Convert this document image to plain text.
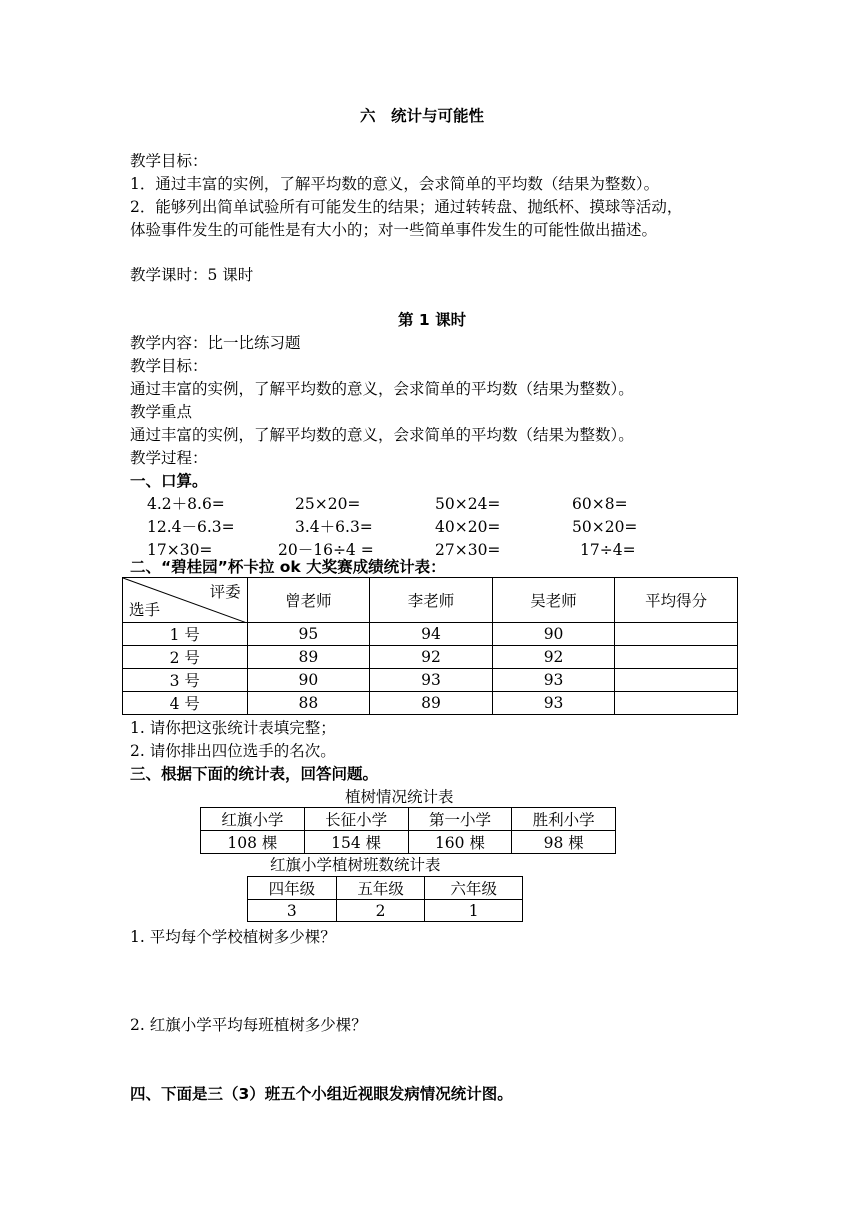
六　统计与可能性
教学目标：
1．通过丰富的实例，了解平均数的意义，会求简单的平均数（结果为整数）。
2．能够列出简单试验所有可能发生的结果；通过转转盘、抛纸杯、摸球等活动，
体验事件发生的可能性是有大小的；对一些简单事件发生的可能性做出描述。
教学课时：5 课时
第 1 课时
教学内容：比一比练习题
教学目标：
通过丰富的实例，了解平均数的意义，会求简单的平均数（结果为整数）。
教学重点
通过丰富的实例，了解平均数的意义，会求简单的平均数（结果为整数）。
教学过程：
一、口算。
4.2＋8.6=	25×20=	50×24=	60×8=
12.4－6.3=	3.4＋6.3=	40×20=	50×20=
17×30=	20－16÷4 =	27×30=	17÷4=
二、“碧桂园”杯卡拉 ok 大奖赛成绩统计表：
评委
选手	曾老师	李老师	吴老师	平均得分
1 号	95	94	90	
2 号	89	92	92	
3 号	90	93	93	
4 号	88	89	93	
1. 请你把这张统计表填完整；
2. 请你排出四位选手的名次。
三、根据下面的统计表，回答问题。
植树情况统计表
红旗小学	长征小学	第一小学	胜利小学
108 棵	154 棵	160 棵	98 棵
红旗小学植树班数统计表
四年级	五年级	六年级
3	2	1
1. 平均每个学校植树多少棵？
2. 红旗小学平均每班植树多少棵？
四、下面是三（3）班五个小组近视眼发病情况统计图。
